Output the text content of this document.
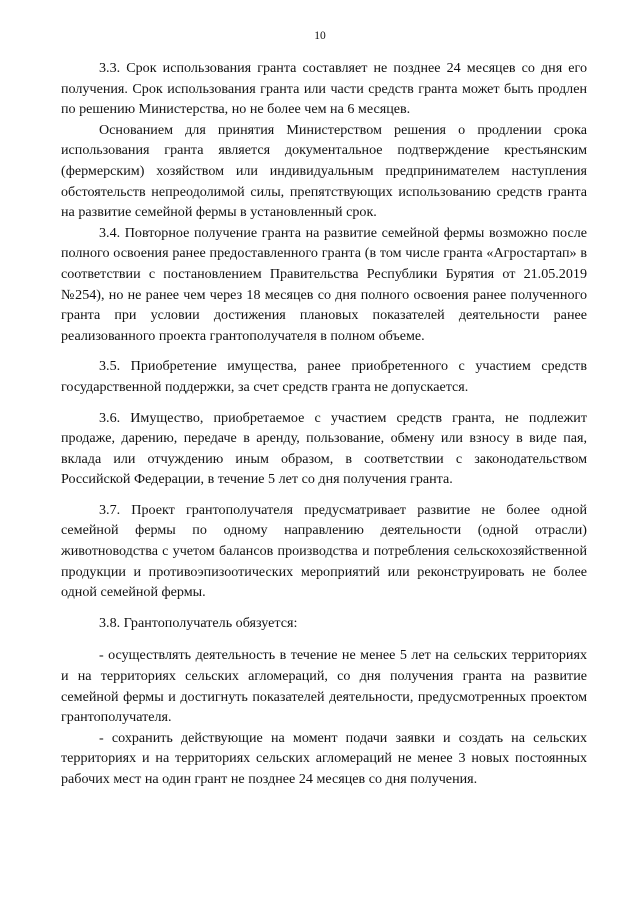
10

3.3. Срок использования гранта составляет не позднее 24 месяцев со дня его получения. Срок использования гранта или части средств гранта может быть продлен по решению Министерства, но не более чем на 6 месяцев.

Основанием для принятия Министерством решения о продлении срока использования гранта является документальное подтверждение крестьянским (фермерским) хозяйством или индивидуальным предпринимателем наступления обстоятельств непреодолимой силы, препятствующих использованию средств гранта на развитие семейной фермы в установленный срок.

3.4. Повторное получение гранта на развитие семейной фермы возможно после полного освоения ранее предоставленного гранта (в том числе гранта «Агростартап» в соответствии с постановлением Правительства Республики Бурятия от 21.05.2019 №254), но не ранее чем через 18 месяцев со дня полного освоения ранее полученного гранта при условии достижения плановых показателей деятельности ранее реализованного проекта грантополучателя в полном объеме.

3.5. Приобретение имущества, ранее приобретенного с участием средств государственной поддержки, за счет средств гранта не допускается.

3.6. Имущество, приобретаемое с участием средств гранта, не подлежит продаже, дарению, передаче в аренду, пользование, обмену или взносу в виде пая, вклада или отчуждению иным образом, в соответствии с законодательством Российской Федерации, в течение 5 лет со дня получения гранта.

3.7. Проект грантополучателя предусматривает развитие не более одной семейной фермы по одному направлению деятельности (одной отрасли) животноводства с учетом балансов производства и потребления сельскохозяйственной продукции и противоэпизоотических мероприятий или реконструировать не более одной семейной фермы.

3.8. Грантополучатель обязуется:

- осуществлять деятельность в течение не менее 5 лет на сельских территориях и на территориях сельских агломераций, со дня получения гранта на развитие семейной фермы и достигнуть показателей деятельности, предусмотренных проектом грантополучателя.

- сохранить действующие на момент подачи заявки и создать на сельских территориях и на территориях сельских агломераций не менее 3 новых постоянных рабочих мест на один грант не позднее 24 месяцев со дня получения.
